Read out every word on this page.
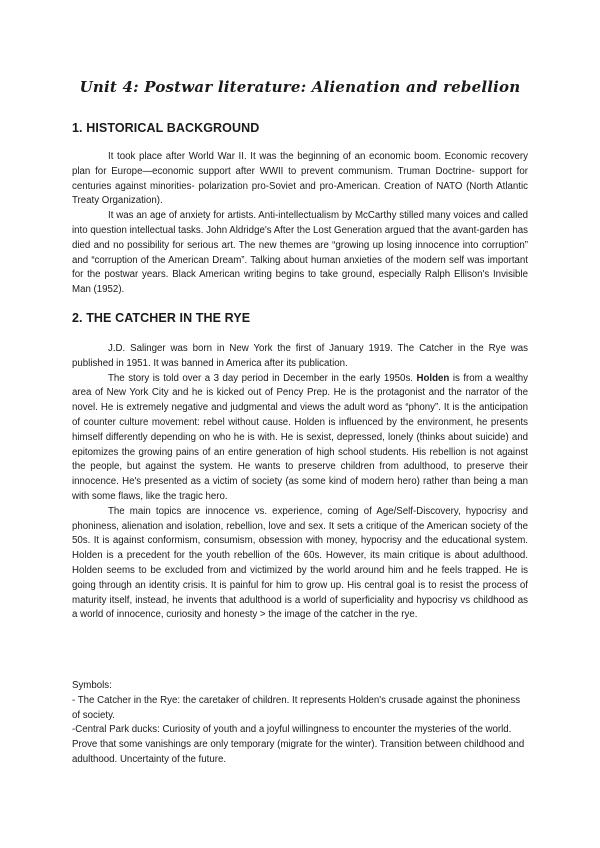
Unit 4: Postwar literature: Alienation and rebellion
1. HISTORICAL BACKGROUND

It took place after World War II. It was the beginning of an economic boom. Economic recovery plan for Europe—economic support after WWII to prevent communism. Truman Doctrine- support for centuries against minorities- polarization pro-Soviet and pro-American. Creation of NATO (North Atlantic Treaty Organization).

It was an age of anxiety for artists. Anti-intellectualism by McCarthy stilled many voices and called into question intellectual tasks. John Aldridge's After the Lost Generation argued that the avant-garden has died and no possibility for serious art. The new themes are “growing up losing innocence into corruption” and “corruption of the American Dream”. Talking about human anxieties of the modern self was important for the postwar years. Black American writing begins to take ground, especially Ralph Ellison's Invisible Man (1952).

2. THE CATCHER IN THE RYE

J.D. Salinger was born in New York the first of January 1919. The Catcher in the Rye was published in 1951. It was banned in America after its publication.

The story is told over a 3 day period in December in the early 1950s. Holden is from a wealthy area of New York City and he is kicked out of Pency Prep. He is the protagonist and the narrator of the novel. He is extremely negative and judgmental and views the adult word as “phony”. It is the anticipation of counter culture movement: rebel without cause. Holden is influenced by the environment, he presents himself differently depending on who he is with. He is sexist, depressed, lonely (thinks about suicide) and epitomizes the growing pains of an entire generation of high school students. His rebellion is not against the people, but against the system. He wants to preserve children from adulthood, to preserve their innocence. He's presented as a victim of society (as some kind of modern hero) rather than being a man with some flaws, like the tragic hero.

The main topics are innocence vs. experience, coming of Age/Self-Discovery, hypocrisy and phoniness, alienation and isolation, rebellion, love and sex. It sets a critique of the American society of the 50s. It is against conformism, consumism, obsession with money, hypocrisy and the educational system. Holden is a precedent for the youth rebellion of the 60s. However, its main critique is about adulthood. Holden seems to be excluded from and victimized by the world around him and he feels trapped. He is going through an identity crisis. It is painful for him to grow up. His central goal is to resist the process of maturity itself, instead, he invents that adulthood is a world of superficiality and hypocrisy vs childhood as a world of innocence, curiosity and honesty > the image of the catcher in the rye.

Symbols:

- The Catcher in the Rye: the caretaker of children. It represents Holden's crusade against the phoniness of society.

-Central Park ducks: Curiosity of youth and a joyful willingness to encounter the mysteries of the world. Prove that some vanishings are only temporary (migrate for the winter). Transition between childhood and adulthood. Uncertainty of the future.
